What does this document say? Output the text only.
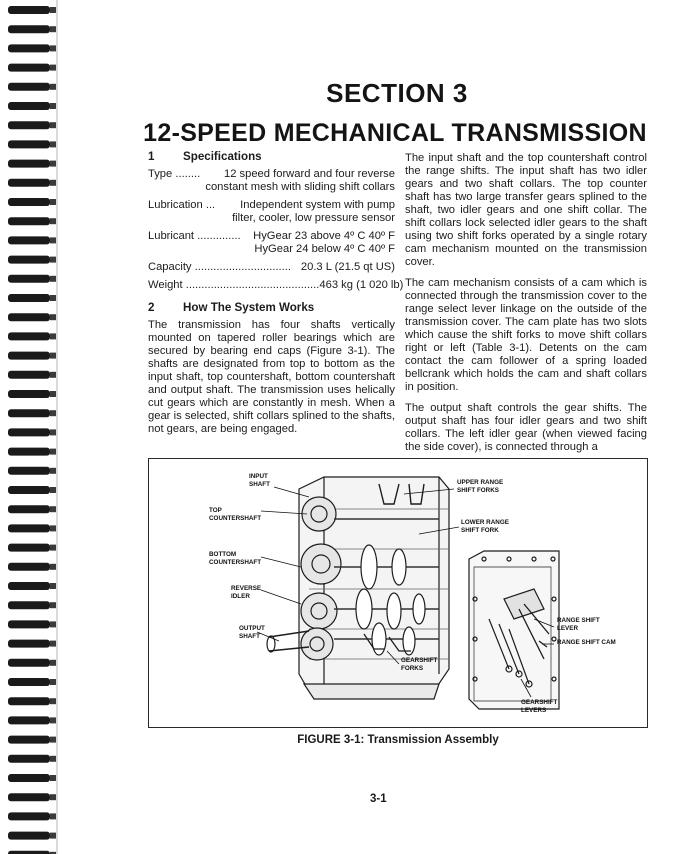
SECTION 3
12-SPEED MECHANICAL TRANSMISSION
1	Specifications
Type ........	12 speed forward and four reverse
constant mesh with sliding shift collars
Lubrication ...	Independent system with pump
filter, cooler, low pressure sensor
Lubricant ..............	HyGear 23 above 4º C 40º F
HyGear 24 below 4º C 40º F
Capacity ............................... 20.3 L (21.5 qt US)
Weight ........................................... 463 kg (1 020 lb)
2	How The System Works

The transmission has four shafts vertically mounted on tapered roller bearings which are secured by bearing end caps (Figure 3-1). The shafts are designated from top to bottom as the input shaft, top countershaft, bottom countershaft and output shaft. The transmission uses helically cut gears which are constantly in mesh. When a gear is selected, shift collars splined to the shafts, not gears, are being engaged.

The input shaft and the top countershaft control the range shifts. The input shaft has two idler gears and two shaft collars. The top counter shaft has two large transfer gears splined to the shaft, two idler gears and one shift collar. The shift collars lock selected idler gears to the shaft using two shift forks operated by a single rotary cam mechanism mounted on the transmission cover.

The cam mechanism consists of a cam which is connected through the transmission cover to the range select lever linkage on the outside of the transmission cover. The cam plate has two slots which cause the shift forks to move shift collars right or left (Table 3-1). Detents on the cam contact the cam follower of a spring loaded bellcrank which holds the cam and shaft collars in position.

The output shaft controls the gear shifts. The output shaft has four idler gears and two shift collars. The left idler gear (when viewed facing the side cover), is connected through a

INPUT
SHAFT
TOP
COUNTERSHAFT
BOTTOM
COUNTERSHAFT
REVERSE
IDLER
OUTPUT
SHAFT
UPPER RANGE
SHIFT FORKS
LOWER RANGE
SHIFT FORK
GEARSHIFT
FORKS
RANGE SHIFT
LEVER
RANGE SHIFT CAM
GEARSHIFT
LEVERS
FIGURE 3-1: Transmission Assembly
3-1
